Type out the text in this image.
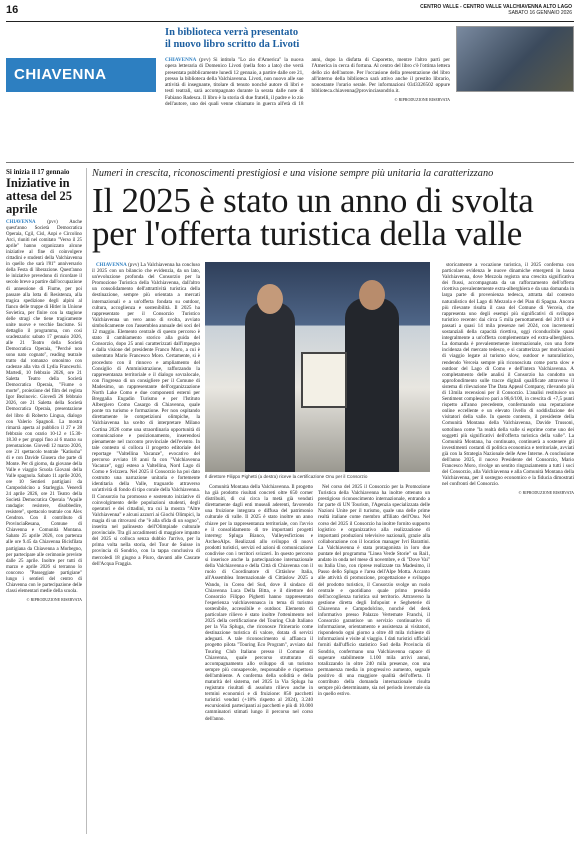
16	CENTRO VALLE - CENTRO VALLE VALCHIAVENNA ALTO LAGO
SABATO 16 GENNAIO 2026
CHIAVENNA
In biblioteca verrà presentato il nuovo libro scritto da Livoti
CHIAVENNA (pvv) Si intitola "Lo zio d'America" la nuova opera letteraria di Domenico Livoti (nella foto a lato) che verrà presentata pubblicamente lunedì 12 gennaio, a partire dalle ore 21, presso la biblioteca della Valchiavenna. Livoti, non nuovo alle sue attività di insegnante, titolare di tenuto nonché autore di libri e testi teatrali, sarà accompagnato durante la serata dalle note di Fabiano Radesca. Il libro è la storia di due fratelli, il padre e lo zio dell'autore, uno dei quali venne chiamato in guerra all'età di 18 anni, dopo la disfatta di Caporetto, mentre l'altro partì per l'America in cerca di fortuna. Al centro del libro c'è l'ottima lettera dello zio dell'autore. Per l'occasione della presentazione del libro all'interno della biblioteca sarà attivo anche il prestito librario, nonostante l'orario serale. Per informazioni 0343326502 oppure biblioteca.chiavenna@provinciasondrio.it.
© RIPRODUZIONE RISERVATA
Si inizia il 17 gennaio
Iniziative in attesa del 25 aprile
CHIAVENNA (pvv) Anche quest'anno Società Democratica Operaia, Cgil, Cisl, Anpi e Circolino Arci, riuniti nel comitato "Verso il 25 aprile" hanno organizzato alcune iniziative al fine di coinvolgere cittadini e studenti della Valchiavenna in quello che sarà l'81° anniversario della Festa di liberazione. Quest'anno le iniziative prevedono di ricordare il secolo breve a partire dall'occupazione di annessione di Fiume, per poi passare alla lotta di Resistenza, alla tragica spedizione degli alpini al fianco delle truppe di Hitler in Unione Sovietica, per finire con la stagione delle stragi che tiene tragicamente unite nuove e vecchie fascisme. Si dettaglio il programma, con così scadenzario: sabato 17 gennaio 2026, alle 21 Teatro della Società Democratica Operaia, "Perché non sono nato cognato", reading teatrale tratto dal romanzo omonimo con cadenze alla vita di Lydia Franceschi. Martedì, 10 febbraio 2026, ore 21 Saletta Teatro della Società Democratica Operaia, "Fiume o morte", proiezione del film del regista Igor Bezinovic. Giovedì 26 febbraio 2026, ore 21 Saletta della Società Democratica Operaia, presentazione del libro di Roberto Lingua, dialogo con Valerio Spagnoli. La mostra rimarrà aperta al pubblico il 27 e 28 febbraio con orario 10-12 e 15.30-18.30 e per gruppi fino al 6 marzo su prenotazione. Giovedì 12 marzo 2026, ore 21 spettacolo teatrale "Katiusha" di e con Davide Giusera che parte di Monte. Per di giorno, da giovane della Valle e viaggio Scuola Giovani della Valle spagnola. Sabato 11 aprile 2026, ore 10 Sentieri partigiani da Campodolcino a Starleggia. Venerdì 24 aprile 2026, ore 21 Teatro della Società Democratica Operaia "Aquile randagie: resistere, disobbedire, resistere", spettacolo teatrale con Alex Cendron. Con il contributo di ProvinciaResana, Comune di Chiavenna e Comunità Montana. Sabato 25 aprile 2026, con partenza alle ore 9.45 da Chiavenna Bicisfilata partigiana da Chiavenna a Morbegno, per partecipare alle cerimonie previste dalle 25 aprile. Inoltre per tutti di marzo e aprile 2026 si terranno lo concorso "Passeggiate partigiane" lungo i sentieri del centro di Chiavenna con le partecipazione delle classi elementari medie della scuola.
© RIPRODUZIONE RISERVATA
Numeri in crescita, riconoscimenti prestigiosi e una visione sempre più unitaria la caratterizzano
Il 2025 è stato un anno di svolta per l'offerta turistica della valle

CHIAVENNA (pvv) La Valchiavenna ha concluso il 2025 con un bilancio che evidenzia, da un lato, un'evoluzione profonda del Consorzio per la Promozione Turistica della Valchiavenna, dall'altro un consolidamento dell'attrattività turistica della destinazione, sempre più orientata a mercati internazionali e a un'offerta fondata su outdoor, cultura, accoglienza e sostenibilità. Il 2025 ha rappresentato per il Consorzio Turistico Valchiavenna un vero anno di svolta, avviato simbolicamente con l'assemblea annuale dei soci del 12 maggio. Elemento centrale di questo percorso è stato il cambiamento storico alla guida del Consorzio, dopo 25 anni caratterizzati dall'impegno e dalla visione del presidente Franco Moro, a cui è subentrato Mario Francesco Moro. Certamente, si è proceduto con il rinnovo e ampliamento del Consiglio di Amministrazione, rafforzando la rappresentanza territoriale e il dialogo sovralocale, con l'ingresso di un consigliere per il Comune di Madesimo, un rappresentante dell'organizzazione North Lake Como e due componenti esterni per Breggalia Engadin Turismo e per l'Istituto Albergiero Como Casargo di Chiavenna, quale ponte tra turismo e formazione. Per non ospitando direttamente le competizioni olimpiche, la Valchiavenna ha scelto di interpretare Milano Cortina 2026 come una straordinaria opportunità di comunicazione e posizionamento, inserendosi pienamente nel racconto provinciale dell'evento. In tale contesto si colloca il progetto editoriale del reportage "Valtellina Vacanze", evocativo del percorso avviato 18 anni fa con "Valchiavenna Vacanze", oggi esteso a Valtellina, Nord Lago di Como e Svizzera. Nel 2025 il Consorzio ha poi dato costrutto una narrazione unitaria e fortemente identitaria della Valle, traguardo attraverso un'attività di fondo di tipo corale della Valchiavenna. Il Consorzio ha promosso e sostenuto iniziative di coinvolgimento delle popolazioni studenti, degli operatori e dei cittadini, tra cui la mostra "Altre Valchiavenna" e alcuni azzurri ai Giochi Olimpici, la magia di un ritrovarsi che "è alla sfida di un sogno", inserita nel palinsesto dell'Olimpiade culturale provinciale. Tra gli accadimenti di maggiore impatto del 2025 si colloca senza dubbio l'arrivo, per la prima volta nella storia, del Tour de Suisse in provincia di Sondrio, con la tappa conclusiva di mercoledì 18 giugno a Piuro, davanti alle Cascate dell'Acqua Fraggia.

Il direttore Filippo Pighetti (a destra) riceve la certificazione Onu per il Consorzio

Comunità Montana della Valchiavenna. Il progetto ha già prodotto risultati concreti oltre 650 corner distribuiti, di cui circa la metà già venduti direttamente dagli enti museali aderenti, favorendo una fruizione integrata e diffusa del patrimonio culturale di valle. Il 2025 è stato inoltre un anno chiave per la rappresentanza territoriale, con l'avvio e il consolidamento di tre importanti progetti interreg: Spluga Bianco, Valleyesfictions e ArcheoAlps. Realizzati allo sviluppo di nuovi prodotti turistici, servizi ed azioni di comunicazione condivise con i territori svizzeri. In questo percorso si inserisce anche la partecipazione internazionale della Valchiavenna e della Città di Chiavenna con il ruolo di Coordinatore di Cittàslow Italia, all'Assemblea Internazionale di Cittàslow 2025 a Wando, in Corea del Sud, dove il sindaco di Chiavenna Luca Della Bitta, e il direttore del Consorzio Filippo Pighetti hanno rappresentato l'esperienza valchiavennasca in tema di turismo sostenibile, accessibile e outdoor. Elemento di particolare rilievo è stato inoltre l'ottenimento nel 2025 della certificazione del Touring Club Italiano per la Via Spluga, che riconosce l'itinerario come destinazione turistica di valore, dotata di servizi adeguati. A tale riconoscimento si affianca il progetto pilota "Touring Eco Program", avviato dal Touring Club Italiano presso il Comune di Chiavenna, quale percorso strutturato di accompagnamento allo sviluppo di un turismo sempre più consapevole, responsabile e rispettoso dell'ambiente. A conferma della solidità e della maturità del sistema, nel 2025 la Via Spluga ha registrato risultati di assoluto rilievo anche in termini economici e di fruizione: 850 pacchetti turistici venduti (+18% rispetto al 2024), 3.240 escursionisti partecipanti ai pacchetti e più di 10.000 camminatori stimati lungo il percorso nel corso dell'anno.

Nel corso del 2025 il Consorzio per la Promozione Turistica della Valchiavenna ha inoltre ottenuto un prestigioso riconoscimento internazionale, entrando a far parte di UN Tourism, l'Agenzia specializzata delle Nazioni Unite per il turismo, quale una delle prime realtà italiane come membro affiliato dell'Onu. Nel corso del 2025 il Consorzio ha inoltre fornito supporto logistico e organizzativo alla realizzazione di importanti produzioni televisive nazionali, grazie alla collaborazione con il location manager Ivri Barattini. La Valchiavenna è stata protagonista in loro due puntate del programma "Linea Verde Storie" su Rai1, andato in onda nel mese di novembre, e di "Dove Vai" su Italia Uno, con riprese realizzate tra Madesimo, il Passo dello Spluga e l'area dell'Alpe Motta. Accanto alle attività di promozione, progettazione e sviluppo del prodotto turistico, il Consorzio svolge un ruolo centrale e quotidiano quale primo presidio dell'accoglienza turistica sul territorio. Attraverso la gestione diretta degli Infopoint e Segheterie di Chiavenna e Campodolcino, nonché del desk informativo presso Palazzo Vertemate Franchi, il Consorzio garantisce un servizio continuativo di informazione, orientamento e assistenza ai visitatori, rispondendo ogni giorno a oltre 40 mila richieste di informazioni e visite al viaggio. I dati turistici ufficiali forniti dall'ufficio statistico Sud della Provincia di Sondrio, confermano una Valchiavenna capace di superare stabilmente 1.100 mila arrivi annui, totalizzando in oltre 240 mila presenze, con una permanenza media in progressivo aumento, segnale positivo di una maggiore qualità dell'offerta. Il contributo della domanda internazionale risulta sempre più determinante, sia nel periodo invernale sia in quello estivo.

storicamente a vocazione turistica, il 2025 conferma con particolare evidenza le nuove dinamiche emergenti in bassa Valchiavenna, dove Mezzola registra una crescita significativa dei flussi, accompagnata da un rafforzamento dell'offerta ricettiva prevalentemente extra-alberghiera e da una domanda in larga parte di provenienza tedesca, attratta dal contesto naturalistico del Lago di Mezzola e del Pian di Spagna. Ancora più rilevante risulta il caso del Comune di Verceia, che rappresenta uno degli esempi più significativi di sviluppo turistico recente: dai circa 5 mila pernottamenti del 2019 si è passati a quasi 14 mila presenze nel 2024, con incrementi sostanziali della capacità ricettiva, oggi riconducibile quasi integralmente a un'offerta complementare ed extra-alberghiera. La domanda è prevalentemente internazionale, con una forte incidenza del mercato tedesco, e si caratterizza per motivazioni di viaggio legate al turismo slow, outdoor e naturalistico, rendendo Verceia sempre più riconosciuta come porta slow e outdoor del Lago di Como e dell'intera Valchiavenna. A completamento delle analisi il Consorzio ha condotto un approfondimento sulle tracce digitali qualificate attraverso il sistema di rilevazione The Data Appeal Company, rilevando più di 13mila recensioni per il Consorzio. L'analisi restituisce un Sentiment complessivo pari a 86,6/100, in crescita di +7,5 punti rispetto all'anno precedente, confermando una reputazione online eccellente e un elevato livello di soddisfazione dei visitatori della valle. In questo contesto, il presidente della Comunità Montana della Valchiavenna, Davide Trussoni, sottolinea come "la realtà della valle si esprime come uno dei soggetti più significativi dell'offerta turistica della valle". La Comunità Montana, ha continuato, continuerà a sostenere gli investimenti costanti di politica economica e territoriale, avviati già con la Strategia Nazionale delle Aree Interne. A conclusione dell'anno 2025, il nuovo Presidente del Consorzio, Mario Francesco Moro, rivolge un sentito ringraziamento a tutti i soci del Consorzio, alla Valchiavenna e alla Comunità Montana della Valchiavenna, per il sostegno economico e la fiducia dimostrati nel confronti del Consorzio.

© RIPRODUZIONE RISERVATA
